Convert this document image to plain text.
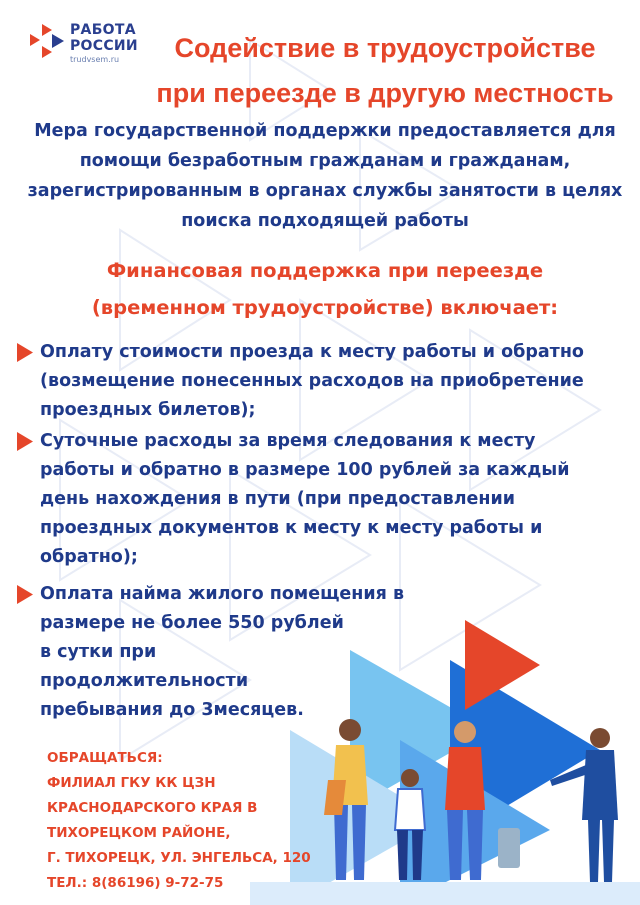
РАБОТА
РОССИИ
trudvsem.ru	Содействие в трудоустройстве
при переезде в другую местность
Мера государственной поддержки предоставляется для помощи безработным гражданам и гражданам, зарегистрированным в органах службы занятости в целях поиска подходящей работы
Финансовая поддержка при переезде
(временном трудоустройстве) включает:
Оплату стоимости проезда к месту работы и обратно
(возмещение понесенных расходов на приобретение
проездных билетов);
Суточные расходы за время следования к месту
работы и обратно в размере 100 рублей за каждый
день нахождения в пути (при предоставлении
проездных документов к месту к месту работы и
обратно);
Оплата найма жилого помещения в
размере не более 550 рублей
в сутки при
продолжительности
пребывания до 3месяцев.
ОБРАЩАТЬСЯ:
ФИЛИАЛ ГКУ КК ЦЗН
КРАСНОДАРСКОГО КРАЯ В
ТИХОРЕЦКОМ РАЙОНЕ,
Г. ТИХОРЕЦК, УЛ. ЭНГЕЛЬСА, 120
ТЕЛ.: 8(86196) 9-72-75
